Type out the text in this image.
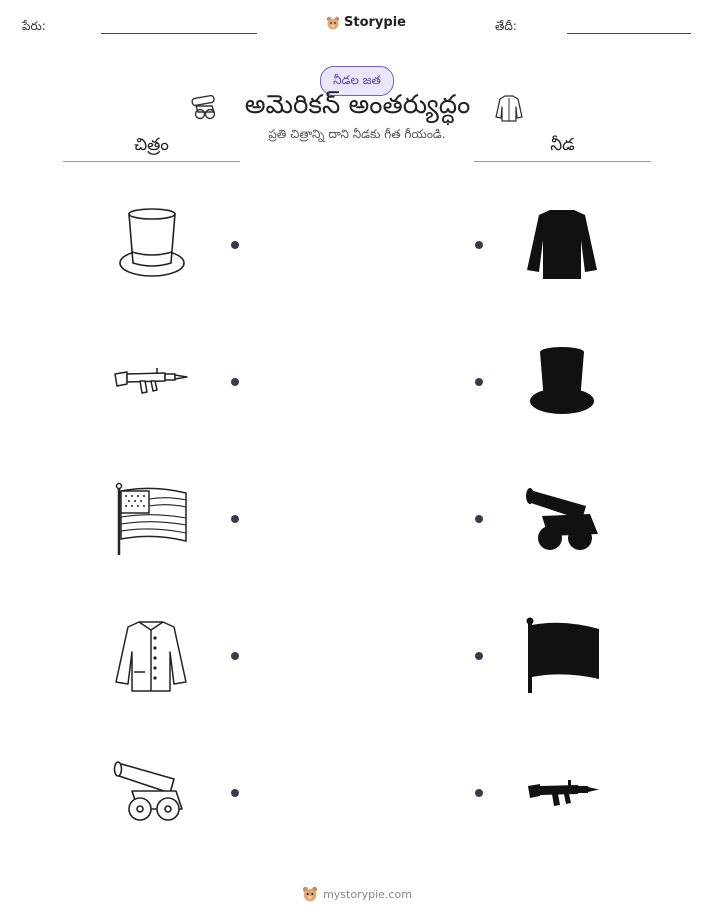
పేరు:	Storypie	తేదీ:
నీడల జత
అమెరికన్ అంతర్యుద్ధం
ప్రతి చిత్రాన్ని దాని నీడకు గీత గీయండి.
చిత్రం	నీడ
mystorypie.com
